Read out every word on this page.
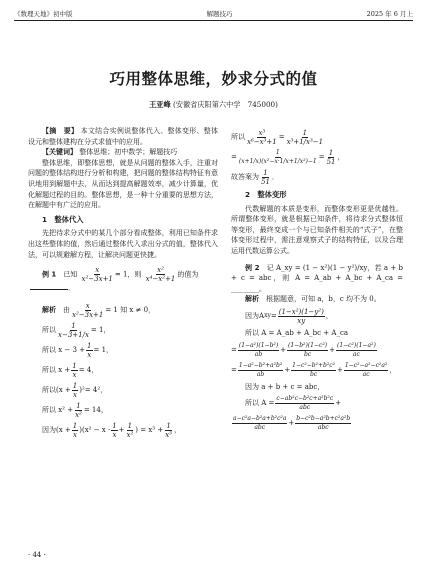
《数理天地》初中版	解题技巧	2025 年 6 月上
巧用整体思维，妙求分式的值
王亚峰 (安徽省庆阳第六中学　745000)

【摘　要】 本文结合实例说整体代入、整体变形、整体设元和整体建构在分式求值中的应用。

【关键词】 整体思维；初中数学；解题技巧

整体思维，即整体思想，就是从问题的整体入手，注重对问题的整体结构进行分析和构建，把问题的整体结构特征有意识地用到解题中去，从而达到提高解题效率，减少计算量，优化解题过程的目的。整体思想，是一种十分重要的思想方法，在解题中有广泛的应用。

1　整体代入

先把待求分式中的某几个部分看成整体，利用已知条件求出这些整体的值，然后通过整体代入求出分式的值，整体代入法，可以规避解方程，让解决问题更快捷。

例 1　 已知 $\frac{x}{\text{x²−3x+1}} = 1$，则 $\frac{\text{x²}}{\text{x⁴−x²+1}}$ 的值为

．

解析
　 由 $\frac{x}{\text{x²−3x+1}} = 1$ 知 x ≠ 0，
所以 $\frac{1}{x-3+1/x} = 1$，
所以 $x - 3 + \frac{1}{x} = 1$，
所以 $x + \frac{1}{x} = 4$，
所以 $(x + \frac{1}{x} )^2 = 4^2$，
所以 $x^2 + \frac{1}{\text{x²}} = 14$，
因为 (x +
1
x
)(x² − x ·
1
x
+
1
x²
) = x³ +
1
x³
，
所以
x³
x⁶−x³+1
=
1
x³+1/x³−1
=
1
(x+1/x)(x²−x·1/x+1/x²)−1
=
1
51
，
故答案为
1
51
．
2　整体变形

代数解题的本质是变形，而整体变形更是优越性。所谓整体变形，就是根据已知条件，将待求分式整体恒等变形，最终变成一个与已知条件相关的“式子”，在整体变形过程中，需注意观察式子的结构特征，以及合理运用代数运算公式。

例 2　 记 A_xy = (1 − x²)(1 − y²)/xy，若 a + b + c = abc，则 A = A_ab + A_bc + A_ca = ________。

解析　 根据题意，可知 a，b，c 均不为 0。

因为 A xy =
(1−x²)(1−y²)
xy
，
所以 A = A_ab + A_bc + A_ca
=
(1−a²)(1−b²)
ab
+
(1−b²)(1−c²)
bc
+
(1−c²)(1−a²)
ac
=
1−a²−b²+a²b²
ab
+
1−c²−b²+b²c²
bc
+
1−c²−a²−c²a²
ac
，
因为 a + b + c = abc，
所以 A =
c−ab²c−b²c+a²b²c
abc
+
a−c²a−b²a+b²c²a
abc
+
b−c²b−a²b+c²a²b
abc
· 44 ·
